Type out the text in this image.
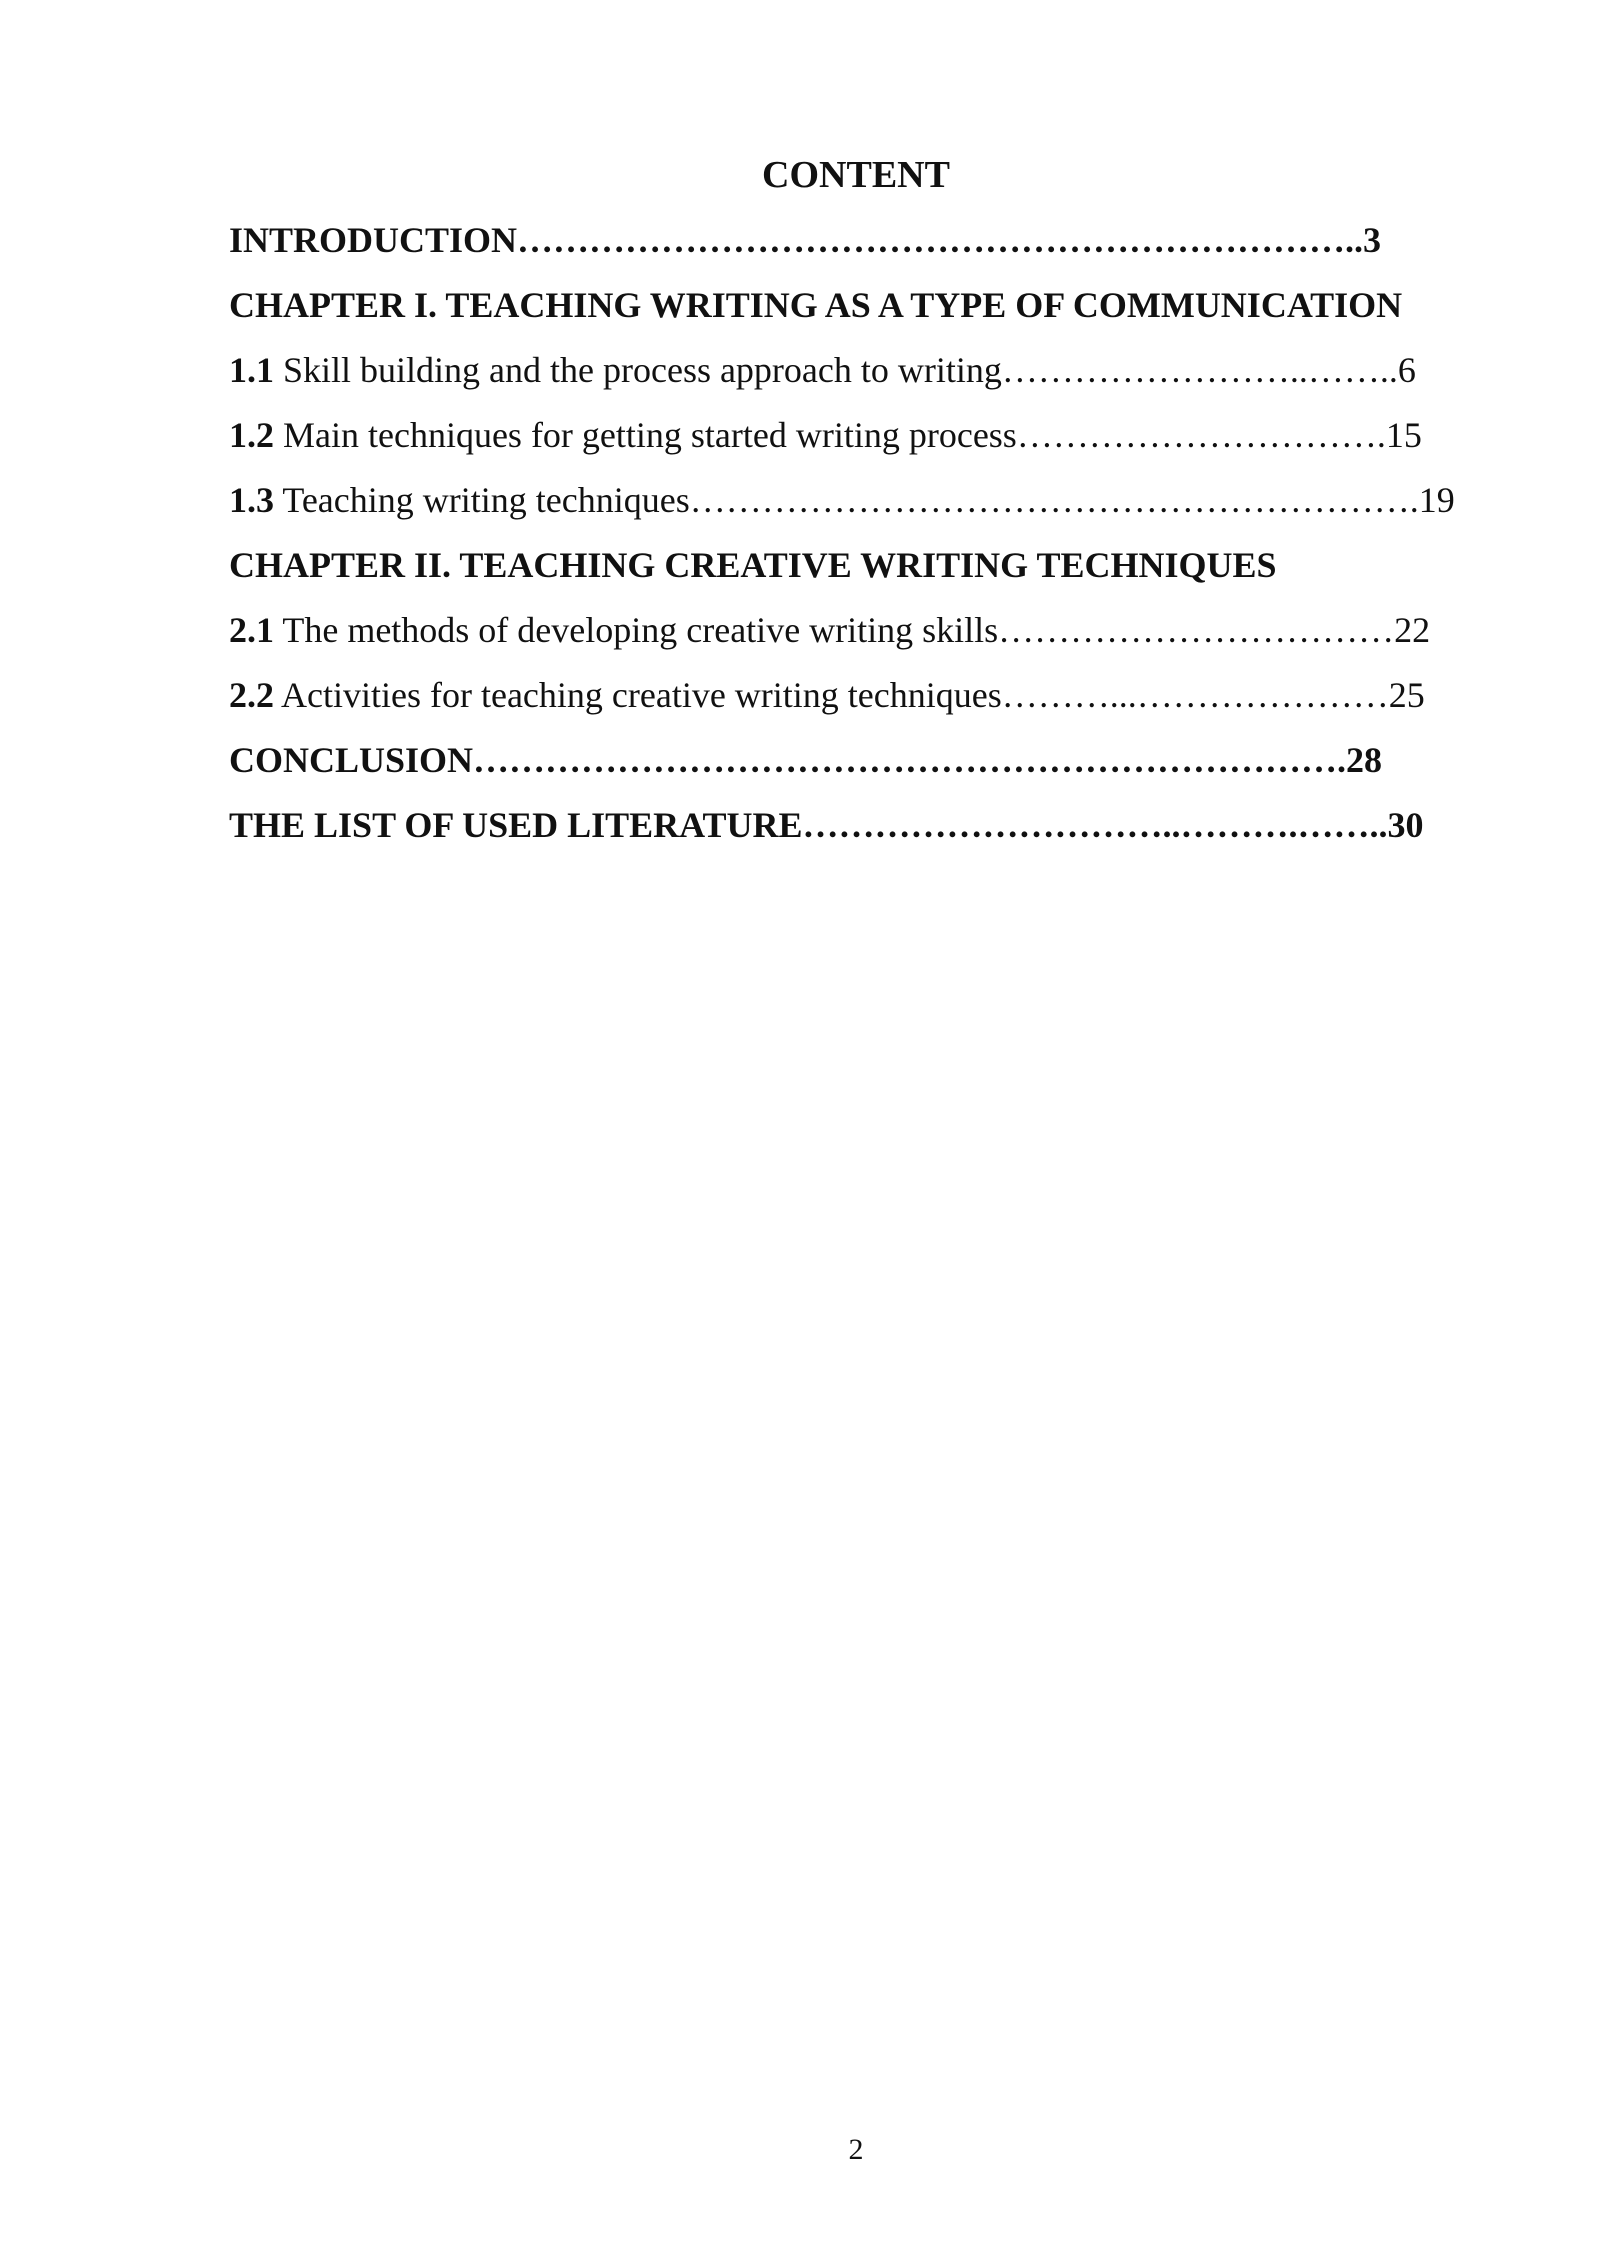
CONTENT
INTRODUCTION……………………………………………………………..3
CHAPTER I. TEACHING WRITING AS A TYPE OF COMMUNICATION
1.1 Skill building and the process approach to writing……………………..……..6
1.2 Main techniques for getting started writing process………………………….15
1.3 Teaching writing techniques…………………………………………………….19
CHAPTER II. TEACHING CREATIVE WRITING TECHNIQUES
2.1 The methods of developing creative writing skills……………………………22
2.2 Activities for teaching creative writing techniques………...…………………25
CONCLUSION……………………………………………………………….28
THE LIST OF USED LITERATURE…………………………..……….……..30
2
